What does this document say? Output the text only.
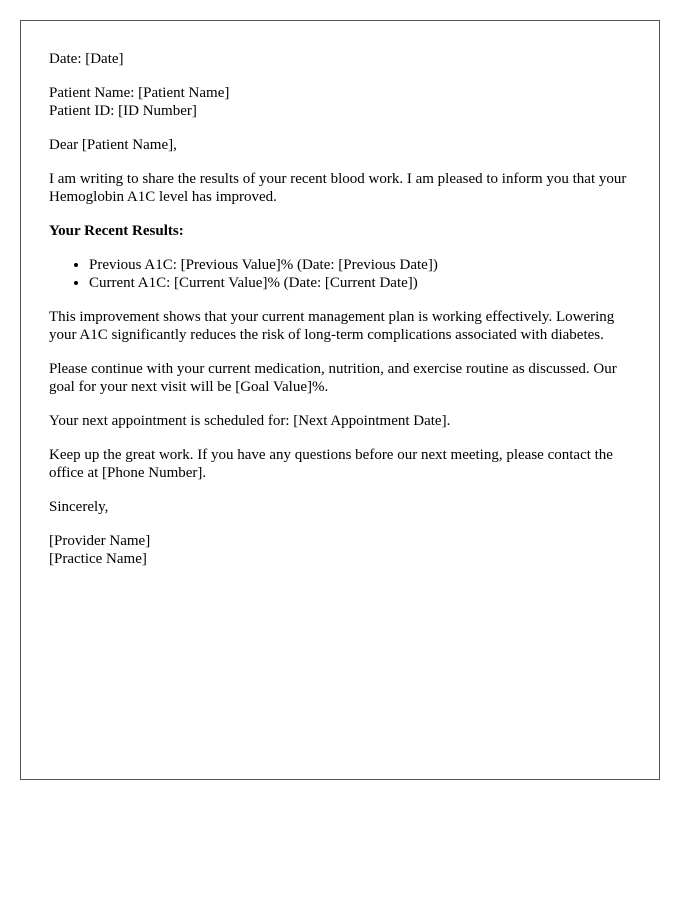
Date: [Date]

Patient Name: [Patient Name]
Patient ID: [ID Number]

Dear [Patient Name],

I am writing to share the results of your recent blood work. I am pleased to inform you that your Hemoglobin A1C level has improved.

Your Recent Results:

• Previous A1C: [Previous Value]% (Date: [Previous Date])
• Current A1C: [Current Value]% (Date: [Current Date])

This improvement shows that your current management plan is working effectively. Lowering your A1C significantly reduces the risk of long-term complications associated with diabetes.

Please continue with your current medication, nutrition, and exercise routine as discussed. Our goal for your next visit will be [Goal Value]%.

Your next appointment is scheduled for: [Next Appointment Date].

Keep up the great work. If you have any questions before our next meeting, please contact the office at [Phone Number].

Sincerely,

[Provider Name]
[Practice Name]
